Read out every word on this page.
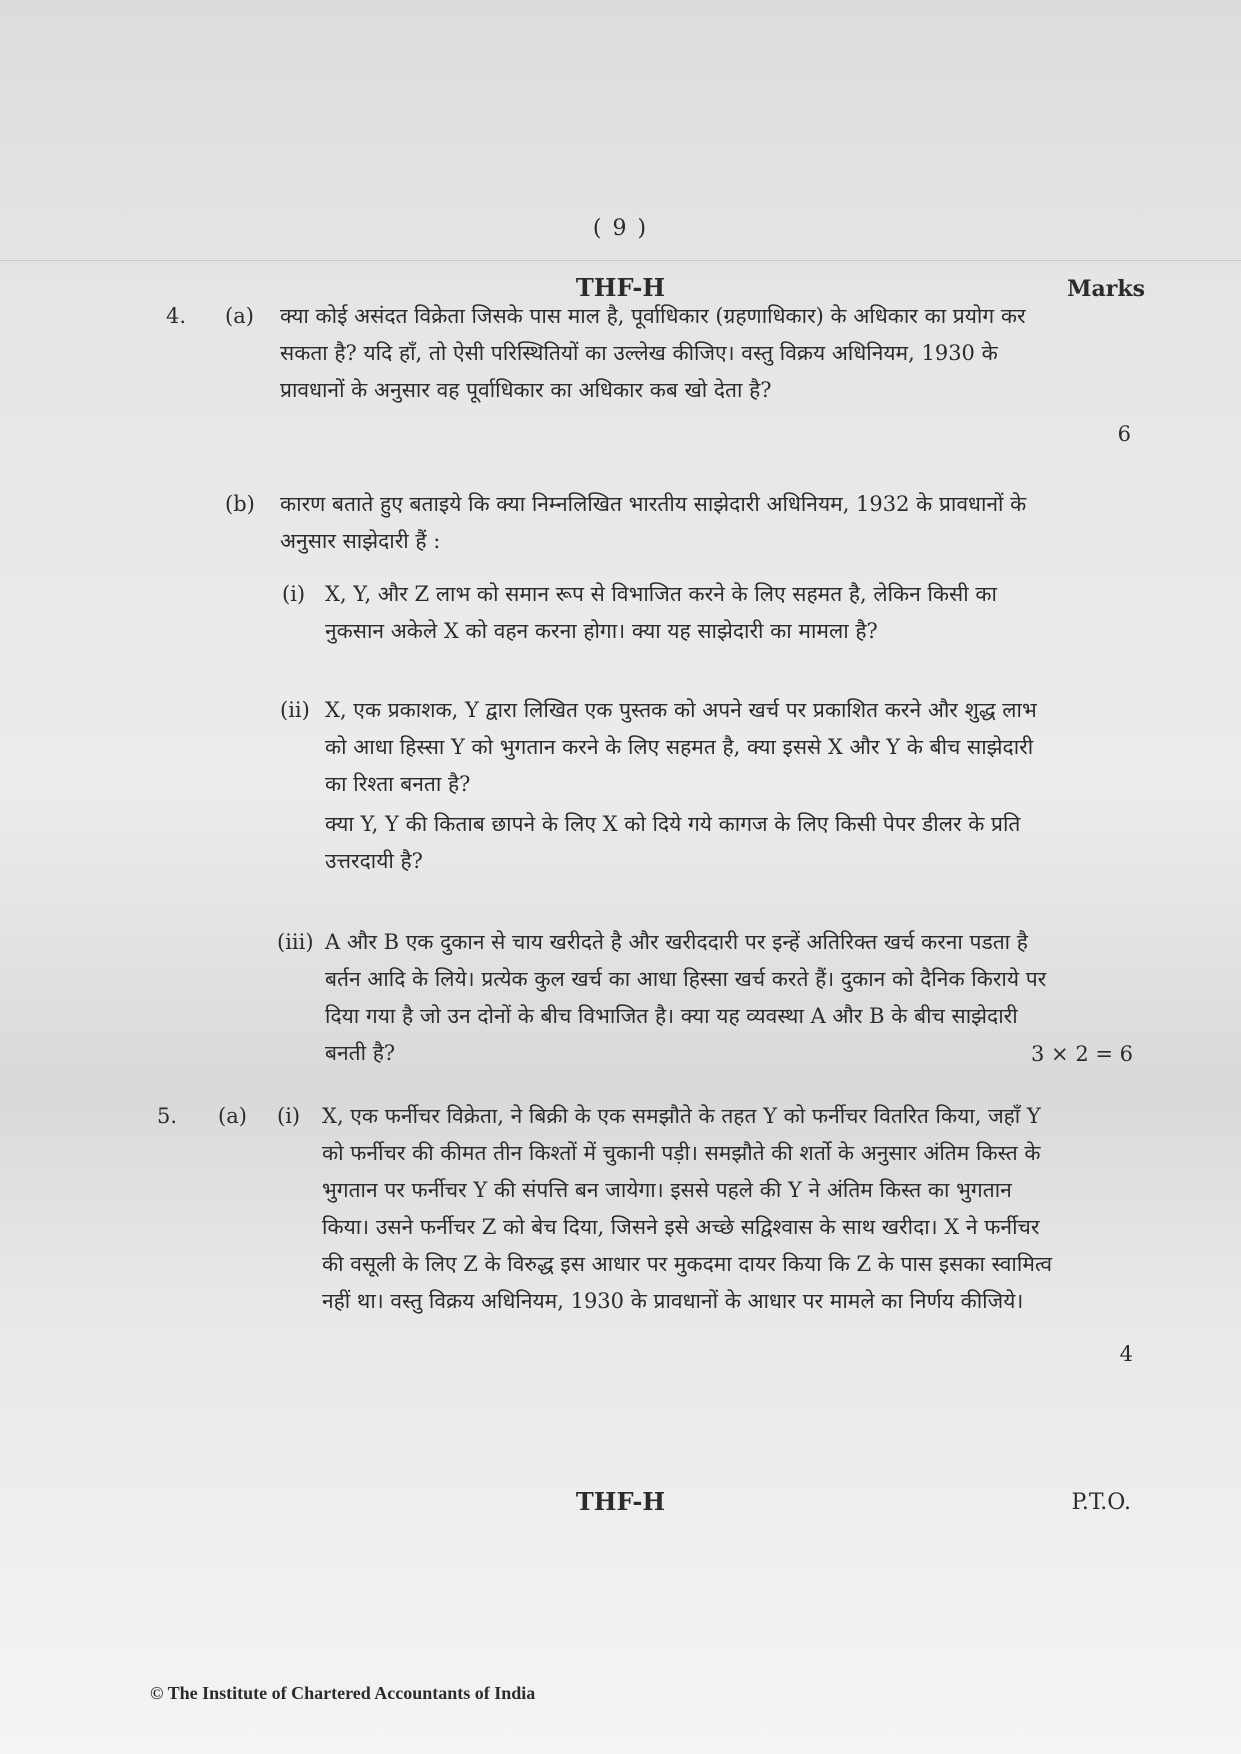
( 9 )
THF-H	Marks
4. (a) क्या कोई असंदत विक्रेता जिसके पास माल है, पूर्वाधिकार (ग्रहणाधिकार) के अधिकार का प्रयोग कर सकता है? यदि हाँ, तो ऐसी परिस्थितियों का उल्लेख कीजिए। वस्तु विक्रय अधिनियम, 1930 के प्रावधानों के अनुसार वह पूर्वाधिकार का अधिकार कब खो देता है?
6
(b) कारण बताते हुए बताइये कि क्या निम्नलिखित भारतीय साझेदारी अधिनियम, 1932 के प्रावधानों के अनुसार साझेदारी हैं :
(i) X, Y, और Z लाभ को समान रूप से विभाजित करने के लिए सहमत है, लेकिन किसी का नुकसान अकेले X को वहन करना होगा। क्या यह साझेदारी का मामला है?
(ii) X, एक प्रकाशक, Y द्वारा लिखित एक पुस्तक को अपने खर्च पर प्रकाशित करने और शुद्ध लाभ को आधा हिस्सा Y को भुगतान करने के लिए सहमत है, क्या इससे X और Y के बीच साझेदारी का रिश्ता बनता है?
क्या Y, Y की किताब छापने के लिए X को दिये गये कागज के लिए किसी पेपर डीलर के प्रति उत्तरदायी है?
(iii) A और B एक दुकान से चाय खरीदते है और खरीददारी पर इन्हें अतिरिक्त खर्च करना पडता है बर्तन आदि के लिये। प्रत्येक कुल खर्च का आधा हिस्सा खर्च करते हैं। दुकान को दैनिक किराये पर दिया गया है जो उन दोनों के बीच विभाजित है। क्या यह व्यवस्था A और B के बीच साझेदारी बनती है?	3 × 2 = 6
5. (a) (i) X, एक फर्नीचर विक्रेता, ने बिक्री के एक समझौते के तहत Y को फर्नीचर वितरित किया, जहाँ Y को फर्नीचर की कीमत तीन किश्तों में चुकानी पड़ी। समझौते की शर्तो के अनुसार अंतिम किस्त के भुगतान पर फर्नीचर Y की संपत्ति बन जायेगा। इससे पहले की Y ने अंतिम किस्त का भुगतान किया। उसने फर्नीचर Z को बेच दिया, जिसने इसे अच्छे सद्विश्वास के साथ खरीदा। X ने फर्नीचर की वसूली के लिए Z के विरुद्ध इस आधार पर मुकदमा दायर किया कि Z के पास इसका स्वामित्व नहीं था। वस्तु विक्रय अधिनियम, 1930 के प्रावधानों के आधार पर मामले का निर्णय कीजिये।
4
THF-H	P.T.O.
© The Institute of Chartered Accountants of India
